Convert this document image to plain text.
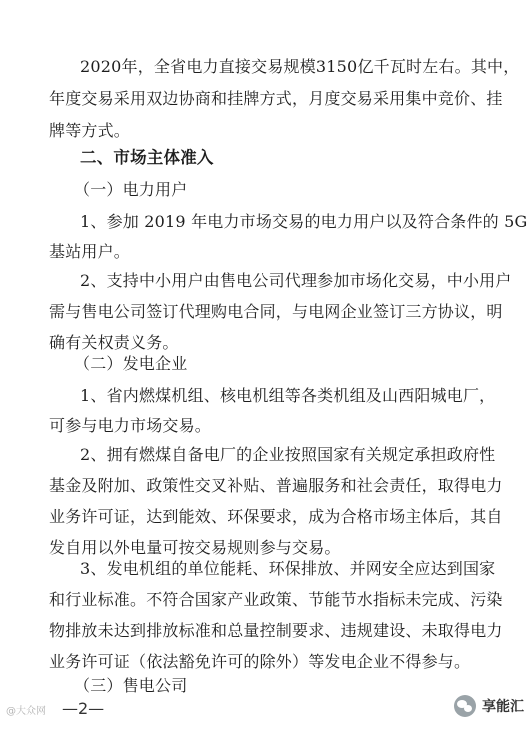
2020年，全省电力直接交易规模3150亿千瓦时左右。其中，
年度交易采用双边协商和挂牌方式，月度交易采用集中竞价、挂
牌等方式。
二、市场主体准入
（一）电力用户
1、参加 2019 年电力市场交易的电力用户以及符合条件的 5G
基站用户。
2、支持中小用户由售电公司代理参加市场化交易，中小用户
需与售电公司签订代理购电合同，与电网企业签订三方协议，明
确有关权责义务。
（二）发电企业
1、省内燃煤机组、核电机组等各类机组及山西阳城电厂，
可参与电力市场交易。
2、拥有燃煤自备电厂的企业按照国家有关规定承担政府性
基金及附加、政策性交叉补贴、普遍服务和社会责任，取得电力
业务许可证，达到能效、环保要求，成为合格市场主体后，其自
发自用以外电量可按交易规则参与交易。
3、发电机组的单位能耗、环保排放、并网安全应达到国家
和行业标准。不符合国家产业政策、节能节水指标未完成、污染
物排放未达到排放标准和总量控制要求、违规建设、未取得电力
业务许可证（依法豁免许可的除外）等发电企业不得参与。
（三）售电公司
@大众网 —2—	享能汇
